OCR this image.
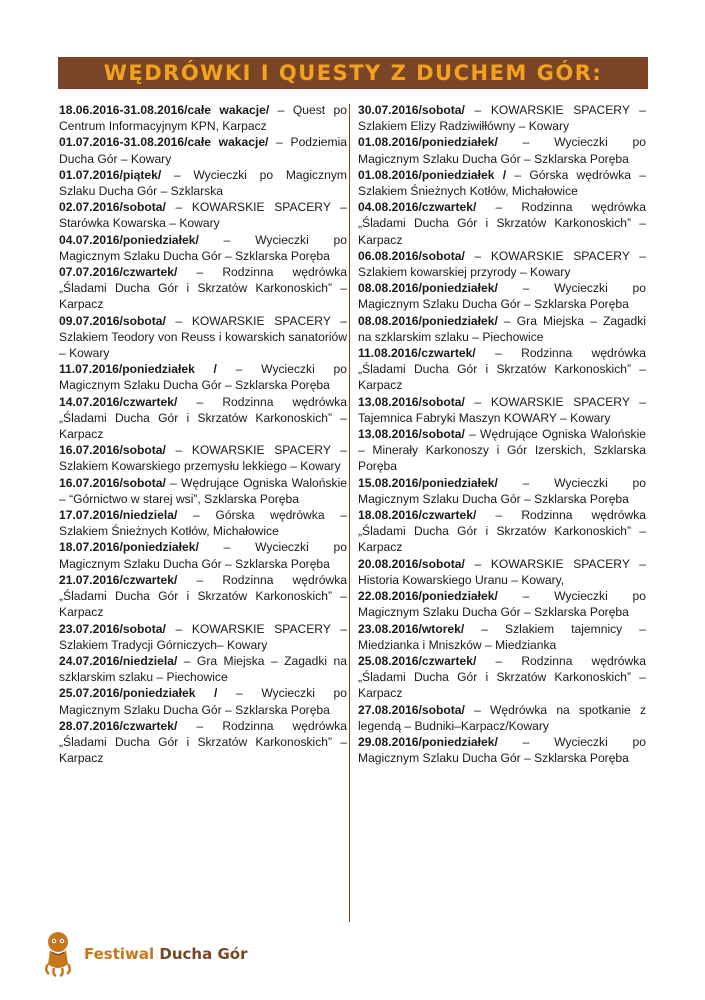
WĘDRÓWKI I QUESTY Z DUCHEM GÓR:

18.06.2016-31.08.2016/całe wakacje/ – Quest po Centrum Informacyjnym KPN, Karpacz

01.07.2016-31.08.2016/całe wakacje/ – Podziemia Ducha Gór – Kowary

01.07.2016/piątek/ – Wycieczki po Magicznym Szlaku Ducha Gór – Szklarska

02.07.2016/sobota/ – KOWARSKIE SPACERY – Starówka Kowarska – Kowary

04.07.2016/poniedziałek/ – Wycieczki po Magicznym Szlaku Ducha Gór – Szklarska Poręba

07.07.2016/czwartek/ – Rodzinna wędrówka „Śladami Ducha Gór i Skrzatów Karkonoskich” – Karpacz

09.07.2016/sobota/ – KOWARSKIE SPACERY – Szlakiem Teodory von Reuss i kowarskich sanatoriów – Kowary

11.07.2016/poniedziałek / – Wycieczki po Magicznym Szlaku Ducha Gór – Szklarska Poręba

14.07.2016/czwartek/ – Rodzinna wędrówka „Śladami Ducha Gór i Skrzatów Karkonoskich” – Karpacz

16.07.2016/sobota/ – KOWARSKIE SPACERY – Szlakiem Kowarskiego przemysłu lekkiego – Kowary

16.07.2016/sobota/ – Wędrujące Ogniska Walońskie – “Górnictwo w starej wsi”, Szklarska Poręba

17.07.2016/niedziela/ – Górska wędrówka – Szlakiem Śnieżnych Kotłów, Michałowice

18.07.2016/poniedziałek/ – Wycieczki po Magicznym Szlaku Ducha Gór – Szklarska Poręba

21.07.2016/czwartek/ – Rodzinna wędrówka „Śladami Ducha Gór i Skrzatów Karkonoskich” – Karpacz

23.07.2016/sobota/ – KOWARSKIE SPACERY – Szlakiem Tradycji Górniczych– Kowary

24.07.2016/niedziela/ – Gra Miejska – Zagadki na szklarskim szlaku – Piechowice

25.07.2016/poniedziałek / – Wycieczki po Magicznym Szlaku Ducha Gór – Szklarska Poręba

28.07.2016/czwartek/ – Rodzinna wędrówka „Śladami Ducha Gór i Skrzatów Karkonoskich” – Karpacz

30.07.2016/sobota/ – KOWARSKIE SPACERY – Szlakiem Elizy Radziwiłłówny – Kowary

01.08.2016/poniedziałek/ – Wycieczki po Magicznym Szlaku Ducha Gór – Szklarska Poręba

01.08.2016/poniedziałek / – Górska wędrówka – Szlakiem Śnieżnych Kotłów, Michałowice

04.08.2016/czwartek/ – Rodzinna wędrówka „Śladami Ducha Gór i Skrzatów Karkonoskich” – Karpacz

06.08.2016/sobota/ – KOWARSKIE SPACERY – Szlakiem kowarskiej przyrody – Kowary

08.08.2016/poniedziałek/ – Wycieczki po Magicznym Szlaku Ducha Gór – Szklarska Poręba

08.08.2016/poniedziałek/ – Gra Miejska – Zagadki na szklarskim szlaku – Piechowice

11.08.2016/czwartek/ – Rodzinna wędrówka „Śladami Ducha Gór i Skrzatów Karkonoskich” – Karpacz

13.08.2016/sobota/ – KOWARSKIE SPACERY – Tajemnica Fabryki Maszyn KOWARY – Kowary

13.08.2016/sobota/ – Wędrujące Ogniska Walońskie – Minerały Karkonoszy i Gór Izerskich, Szklarska Poręba

15.08.2016/poniedziałek/ – Wycieczki po Magicznym Szlaku Ducha Gór – Szklarska Poręba

18.08.2016/czwartek/ – Rodzinna wędrówka „Śladami Ducha Gór i Skrzatów Karkonoskich” – Karpacz

20.08.2016/sobota/ – KOWARSKIE SPACERY – Historia Kowarskiego Uranu – Kowary,

22.08.2016/poniedziałek/ – Wycieczki po Magicznym Szlaku Ducha Gór – Szklarska Poręba

23.08.2016/wtorek/ – Szlakiem tajemnicy – Miedzianka i Mniszków – Miedzianka

25.08.2016/czwartek/ – Rodzinna wędrówka „Śladami Ducha Gór i Skrzatów Karkonoskich” – Karpacz

27.08.2016/sobota/ – Wędrówka na spotkanie z legendą – Budniki–Karpacz/Kowary

29.08.2016/poniedziałek/ – Wycieczki po Magicznym Szlaku Ducha Gór – Szklarska Poręba

Festiwal Ducha Gór
